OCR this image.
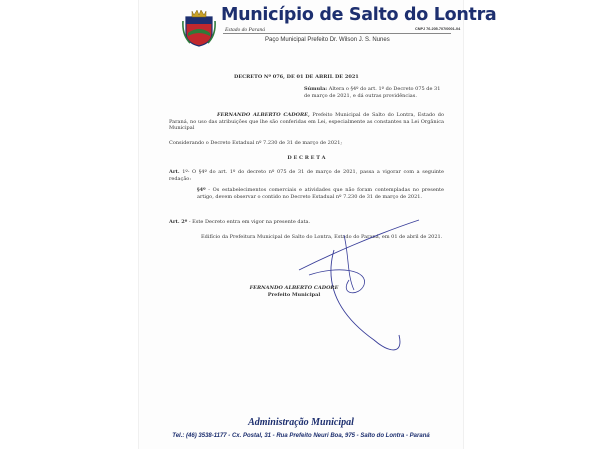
Município de Salto do Lontra
Estado do Paraná	CNPJ 76.205.707/0001-04
Paço Municipal Prefeito Dr. Wilson J. S. Nunes
DECRETO Nº 076, DE 01 DE ABRIL DE 2021
Súmula: Altera o §4º do art. 1º do Decreto 075 de 31 de março de 2021, e dá outras providências.
FERNANDO ALBERTO CADORE, Prefeito Municipal de Salto do Lontra, Estado do Paraná, no uso das atribuições que lhe são conferidas em Lei, especialmente as constantes na Lei Orgânica Municipal
Considerando o Decreto Estadual nº 7.230 de 31 de março de 2021;
D E C R E T A
Art. 1º- O §4º do art. 1º do decreto nº 075 de 31 de março de 2021, passa a vigorar com a seguinte redação:
§4º - Os estabelecimentos comerciais e atividades que não foram contempladas no presente artigo, devem observar o contido no Decreto Estadual nº 7.230 de 31 de março de 2021.
Art. 2º - Este Decreto entra em vigor na presente data.
Edifício da Prefeitura Municipal de Salto do Lontra, Estado do Paraná, em 01 de abril de 2021.
FERNANDO ALBERTO CADORE
Prefeito Municipal
Administração Municipal
Tel.: (46) 3538-1177 - Cx. Postal, 31 - Rua Prefeito Neuri Boa, 975 - Salto do Lontra - Paraná
